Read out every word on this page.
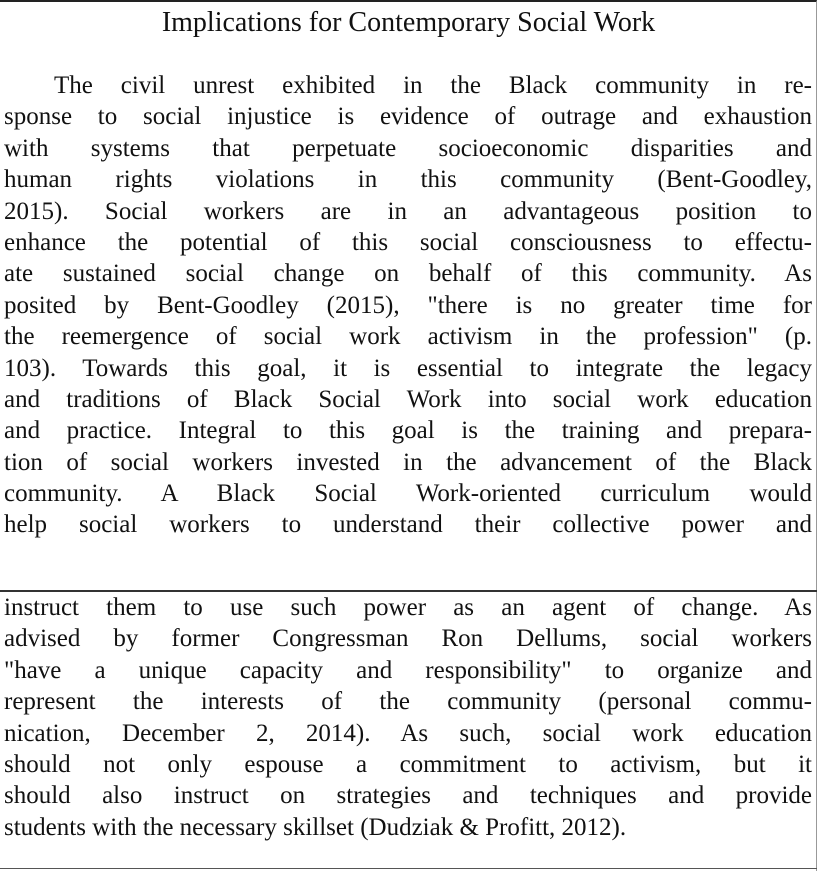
Implications for Contemporary Social Work
The civil unrest exhibited in the Black community in re-
sponse to social injustice is evidence of outrage and exhaustion
with systems that perpetuate socioeconomic disparities and
human rights violations in this community (Bent-Goodley,
2015). Social workers are in an advantageous position to
enhance the potential of this social consciousness to effectu-
ate sustained social change on behalf of this community. As
posited by Bent-Goodley (2015), "there is no greater time for
the reemergence of social work activism in the profession" (p.
103). Towards this goal, it is essential to integrate the legacy
and traditions of Black Social Work into social work education
and practice. Integral to this goal is the training and prepara-
tion of social workers invested in the advancement of the Black
community. A Black Social Work-oriented curriculum would
help social workers to understand their collective power and
instruct them to use such power as an agent of change. As
advised by former Congressman Ron Dellums, social workers
"have a unique capacity and responsibility" to organize and
represent the interests of the community (personal commu-
nication, December 2, 2014). As such, social work education
should not only espouse a commitment to activism, but it
should also instruct on strategies and techniques and provide
students with the necessary skillset (Dudziak & Profitt, 2012).
